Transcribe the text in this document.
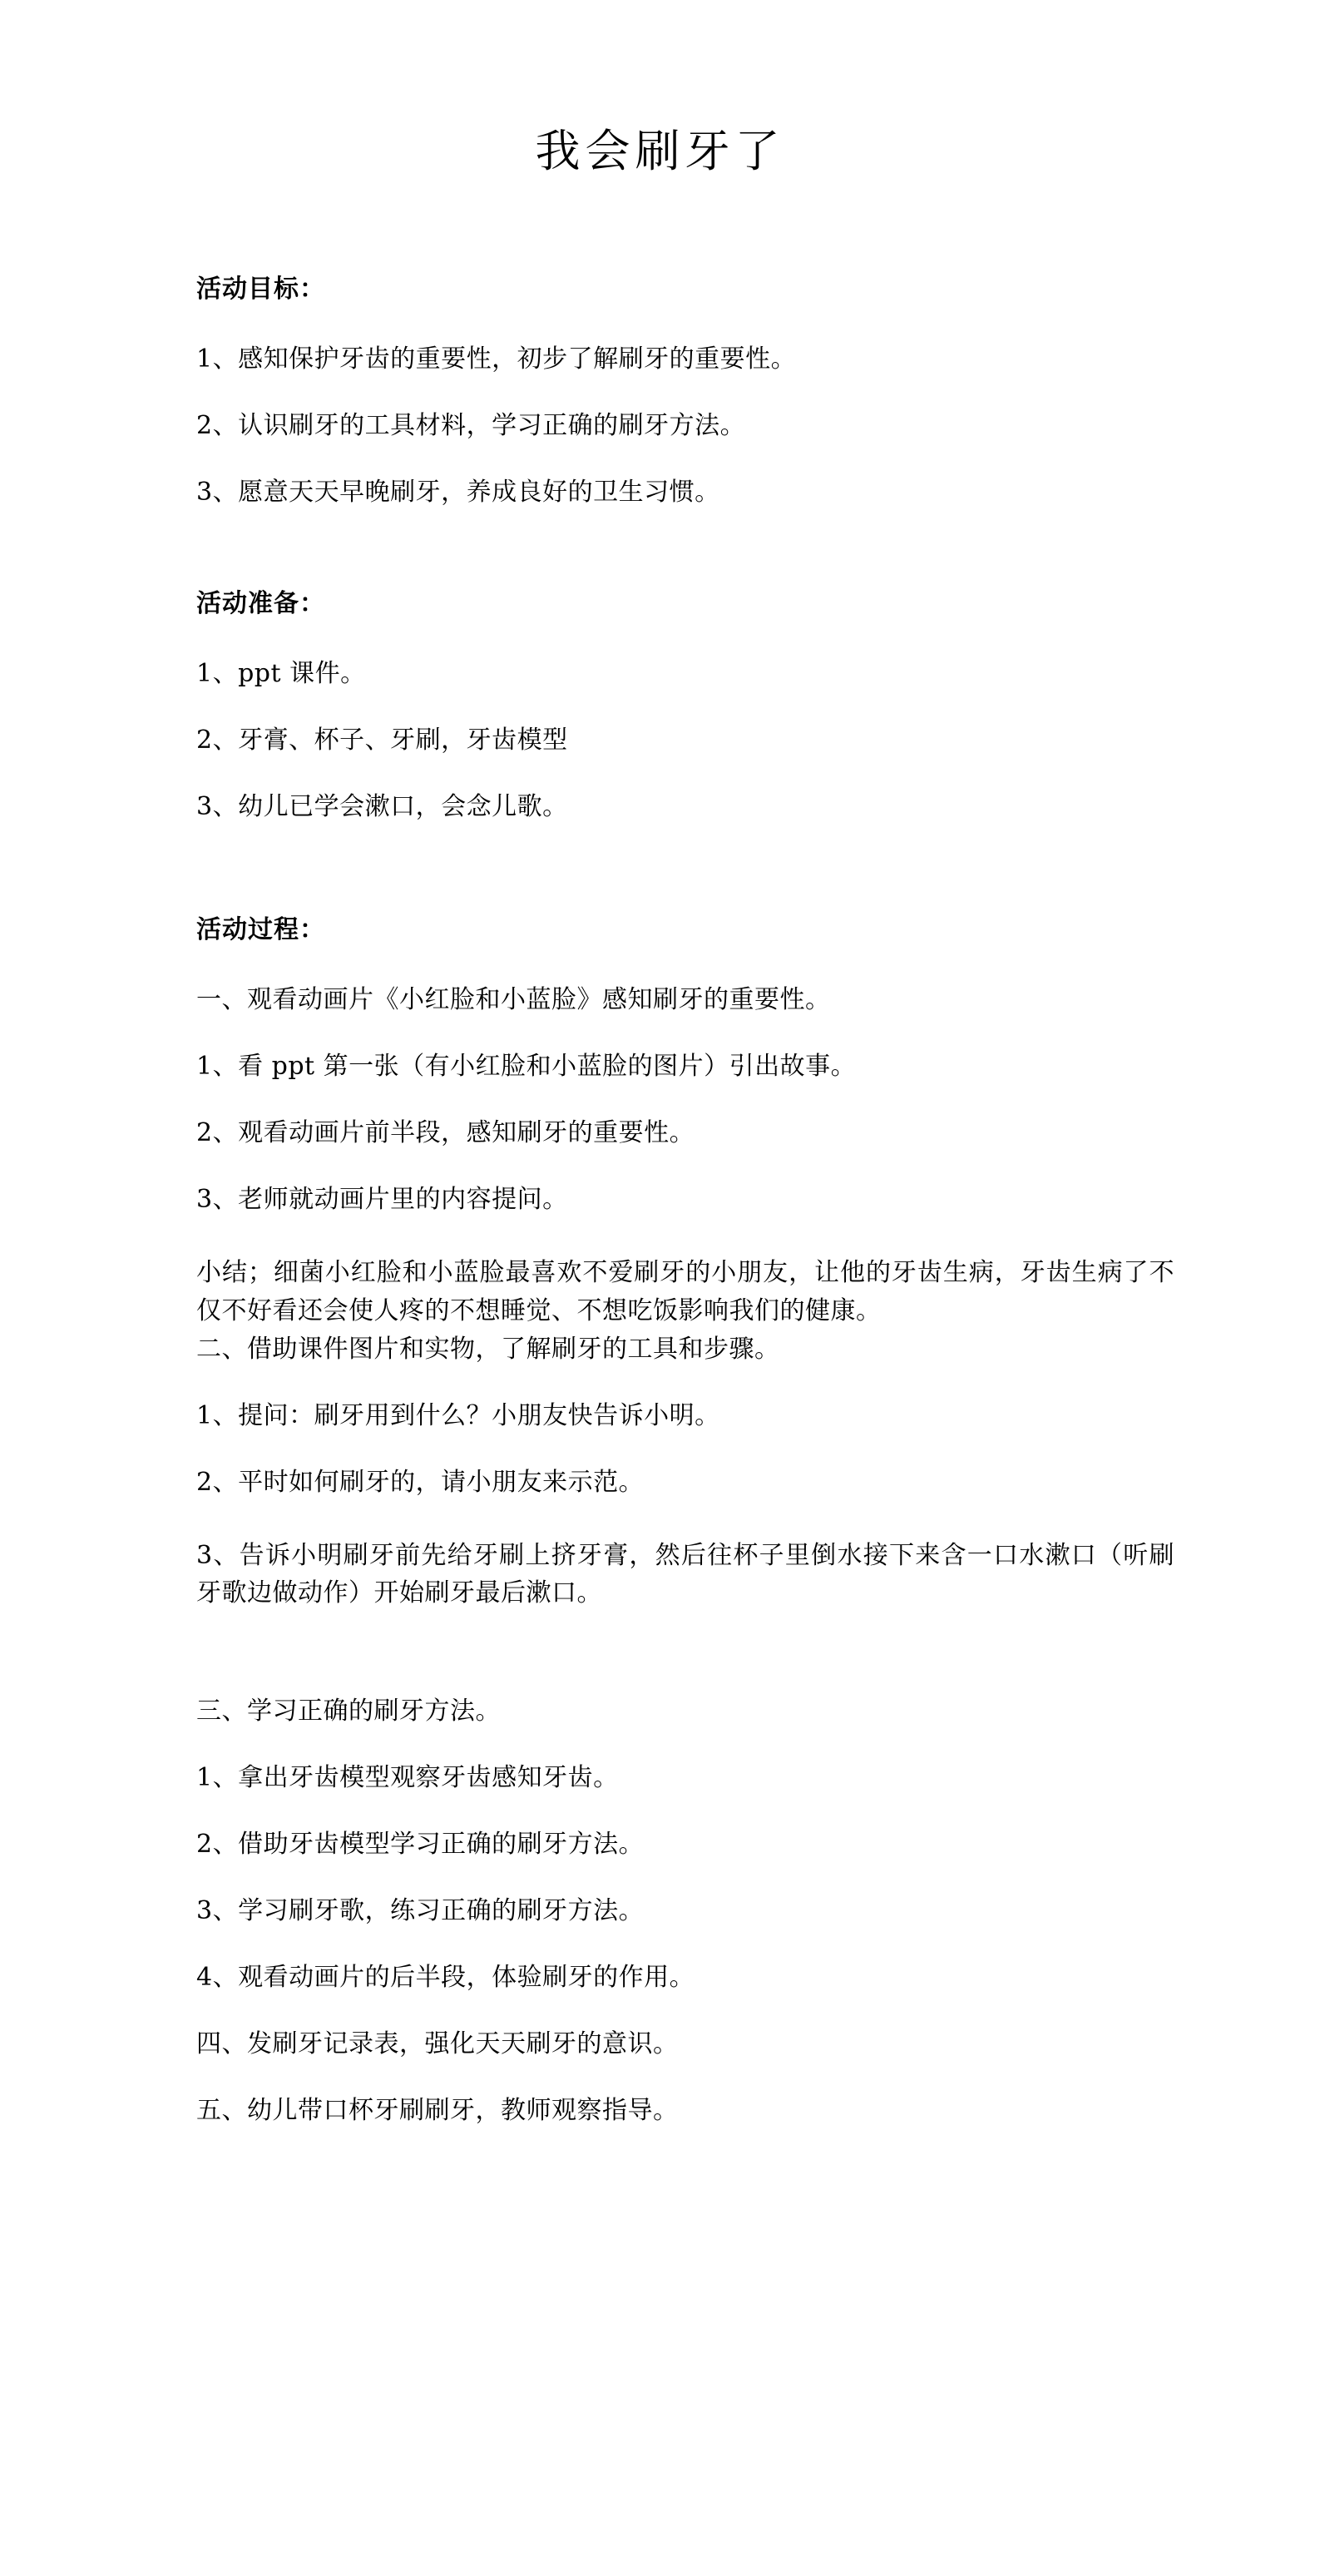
我会刷牙了

活动目标：

1、感知保护牙齿的重要性，初步了解刷牙的重要性。

2、认识刷牙的工具材料，学习正确的刷牙方法。

3、愿意天天早晚刷牙，养成良好的卫生习惯。

活动准备：

1、ppt 课件。

2、牙膏、杯子、牙刷，牙齿模型

3、幼儿已学会漱口，会念儿歌。

活动过程：

一、观看动画片《小红脸和小蓝脸》感知刷牙的重要性。

1、看 ppt 第一张（有小红脸和小蓝脸的图片）引出故事。

2、观看动画片前半段，感知刷牙的重要性。

3、老师就动画片里的内容提问。

小结；细菌小红脸和小蓝脸最喜欢不爱刷牙的小朋友，让他的牙齿生病，牙齿生病了不仅不好看还会使人疼的不想睡觉、不想吃饭影响我们的健康。

二、借助课件图片和实物，了解刷牙的工具和步骤。

1、提问：刷牙用到什么？小朋友快告诉小明。

2、平时如何刷牙的，请小朋友来示范。

3、告诉小明刷牙前先给牙刷上挤牙膏，然后往杯子里倒水接下来含一口水漱口（听刷牙歌边做动作）开始刷牙最后漱口。

三、学习正确的刷牙方法。

1、拿出牙齿模型观察牙齿感知牙齿。

2、借助牙齿模型学习正确的刷牙方法。

3、学习刷牙歌，练习正确的刷牙方法。

4、观看动画片的后半段，体验刷牙的作用。

四、发刷牙记录表，强化天天刷牙的意识。

五、幼儿带口杯牙刷刷牙，教师观察指导。
